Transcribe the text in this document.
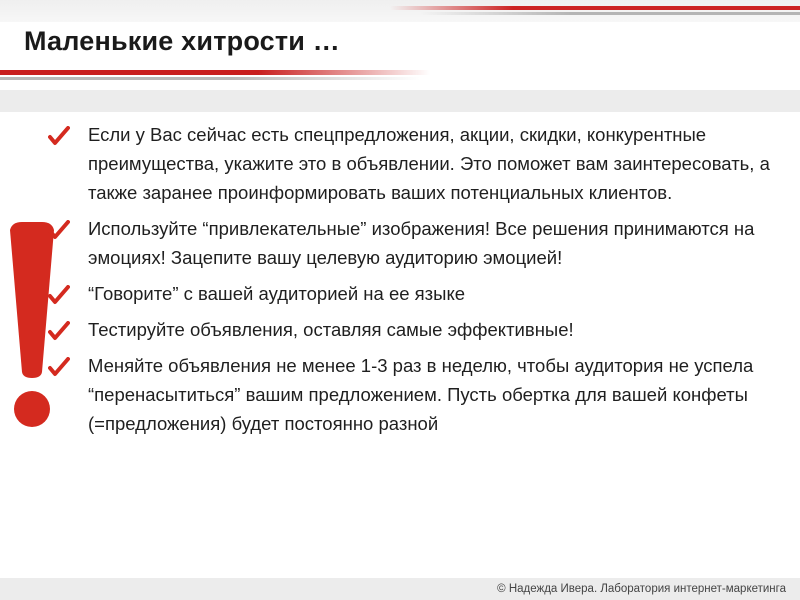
Маленькие хитрости …
Если у Вас сейчас есть спецпредложения, акции, скидки, конкурентные преимущества, укажите это в объявлении. Это поможет вам заинтересовать, а также заранее проинформировать ваших потенциальных клиентов.
Используйте “привлекательные” изображения! Все решения принимаются на эмоциях! Зацепите вашу целевую аудиторию эмоцией!
“Говорите” с вашей аудиторией на ее языке
Тестируйте объявления, оставляя самые эффективные!
Меняйте объявления не менее 1-3 раз в неделю, чтобы аудитория не успела “перенасытиться” вашим предложением. Пусть обертка для вашей конфеты (=предложения) будет постоянно разной
© Надежда Ивера. Лаборатория интернет-маркетинга
